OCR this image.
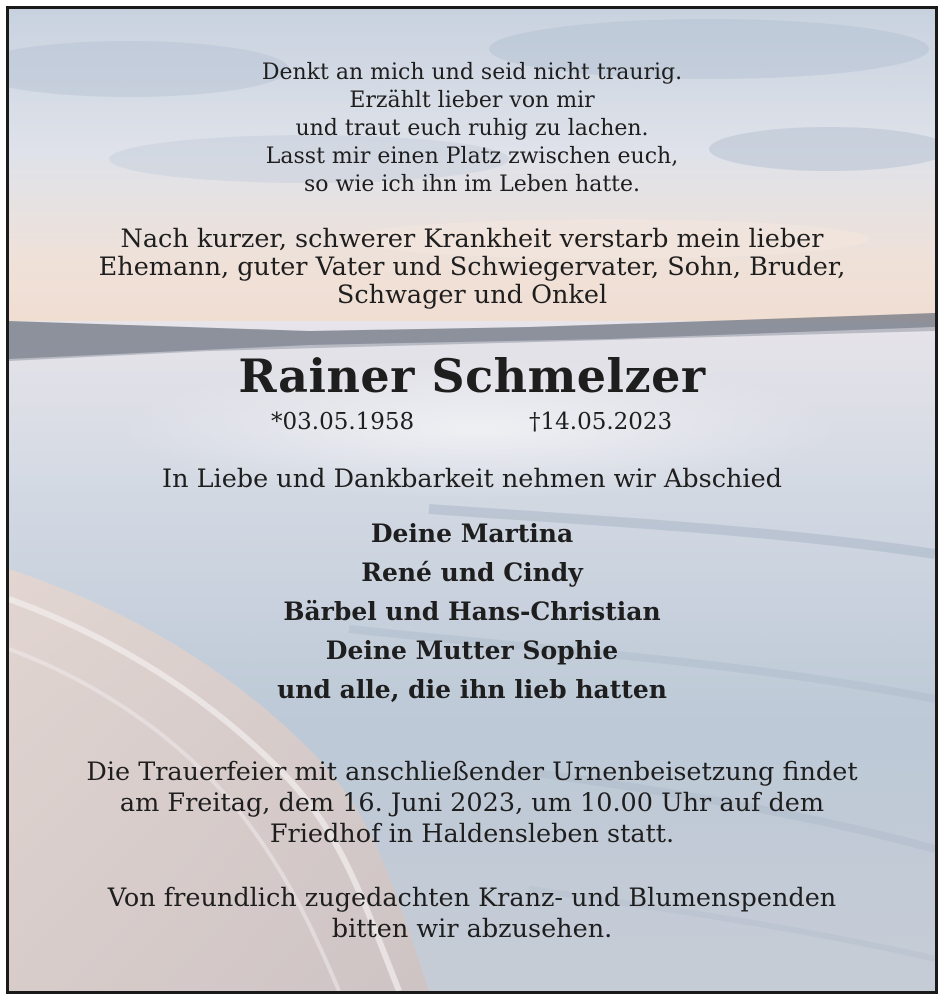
Denkt an mich und seid nicht traurig.
Erzählt lieber von mir
und traut euch ruhig zu lachen.
Lasst mir einen Platz zwischen euch,
so wie ich ihn im Leben hatte.
Nach kurzer, schwerer Krankheit verstarb mein lieber
Ehemann, guter Vater und Schwiegervater, Sohn, Bruder,
Schwager und Onkel
Rainer Schmelzer
*03.05.1958	†14.05.2023
In Liebe und Dankbarkeit nehmen wir Abschied
Deine Martina
René und Cindy
Bärbel und Hans-Christian
Deine Mutter Sophie
und alle, die ihn lieb hatten
Die Trauerfeier mit anschließender Urnenbeisetzung findet
am Freitag, dem 16. Juni 2023, um 10.00 Uhr auf dem
Friedhof in Haldensleben statt.
Von freundlich zugedachten Kranz- und Blumenspenden
bitten wir abzusehen.
